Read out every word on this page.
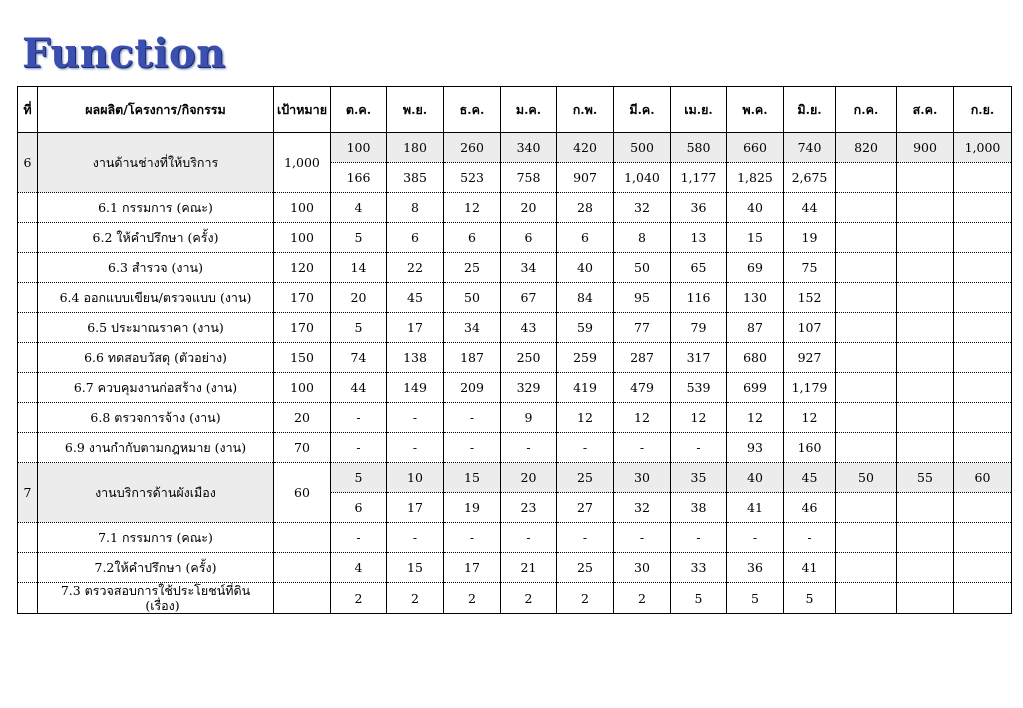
Function
ที่	ผลผลิต/โครงการ/กิจกรรม	เป้าหมาย	ต.ค.	พ.ย.	ธ.ค.	ม.ค.	ก.พ.	มี.ค.	เม.ย.	พ.ค.	มิ.ย.	ก.ค.	ส.ค.	ก.ย.
6	งานด้านช่างที่ให้บริการ	1,000	100	180	260	340	420	500	580	660	740	820	900	1,000
			166	385	523	758	907	1,040	1,177	1,825	2,675			
	6.1 กรรมการ (คณะ)	100	4	8	12	20	28	32	36	40	44			
	6.2 ให้คำปรึกษา (ครั้ง)	100	5	6	6	6	6	8	13	15	19			
	6.3 สำรวจ (งาน)	120	14	22	25	34	40	50	65	69	75			
	6.4 ออกแบบเขียน/ตรวจแบบ (งาน)	170	20	45	50	67	84	95	116	130	152			
	6.5 ประมาณราคา (งาน)	170	5	17	34	43	59	77	79	87	107			
	6.6 ทดสอบวัสดุ (ตัวอย่าง)	150	74	138	187	250	259	287	317	680	927			
	6.7 ควบคุมงานก่อสร้าง (งาน)	100	44	149	209	329	419	479	539	699	1,179			
	6.8 ตรวจการจ้าง (งาน)	20	-	-	-	9	12	12	12	12	12			
	6.9 งานกำกับตามกฎหมาย (งาน)	70	-	-	-	-	-	-	-	93	160			
7	งานบริการด้านผังเมือง	60	5	10	15	20	25	30	35	40	45	50	55	60
			6	17	19	23	27	32	38	41	46			
	7.1 กรรมการ (คณะ)		-	-	-	-	-	-	-	-	-			
	7.2ให้คำปรึกษา (ครั้ง)		4	15	17	21	25	30	33	36	41			
	7.3 ตรวจสอบการใช้ประโยชน์ที่ดิน
(เรื่อง)		2	2	2	2	2	2	5	5	5			
